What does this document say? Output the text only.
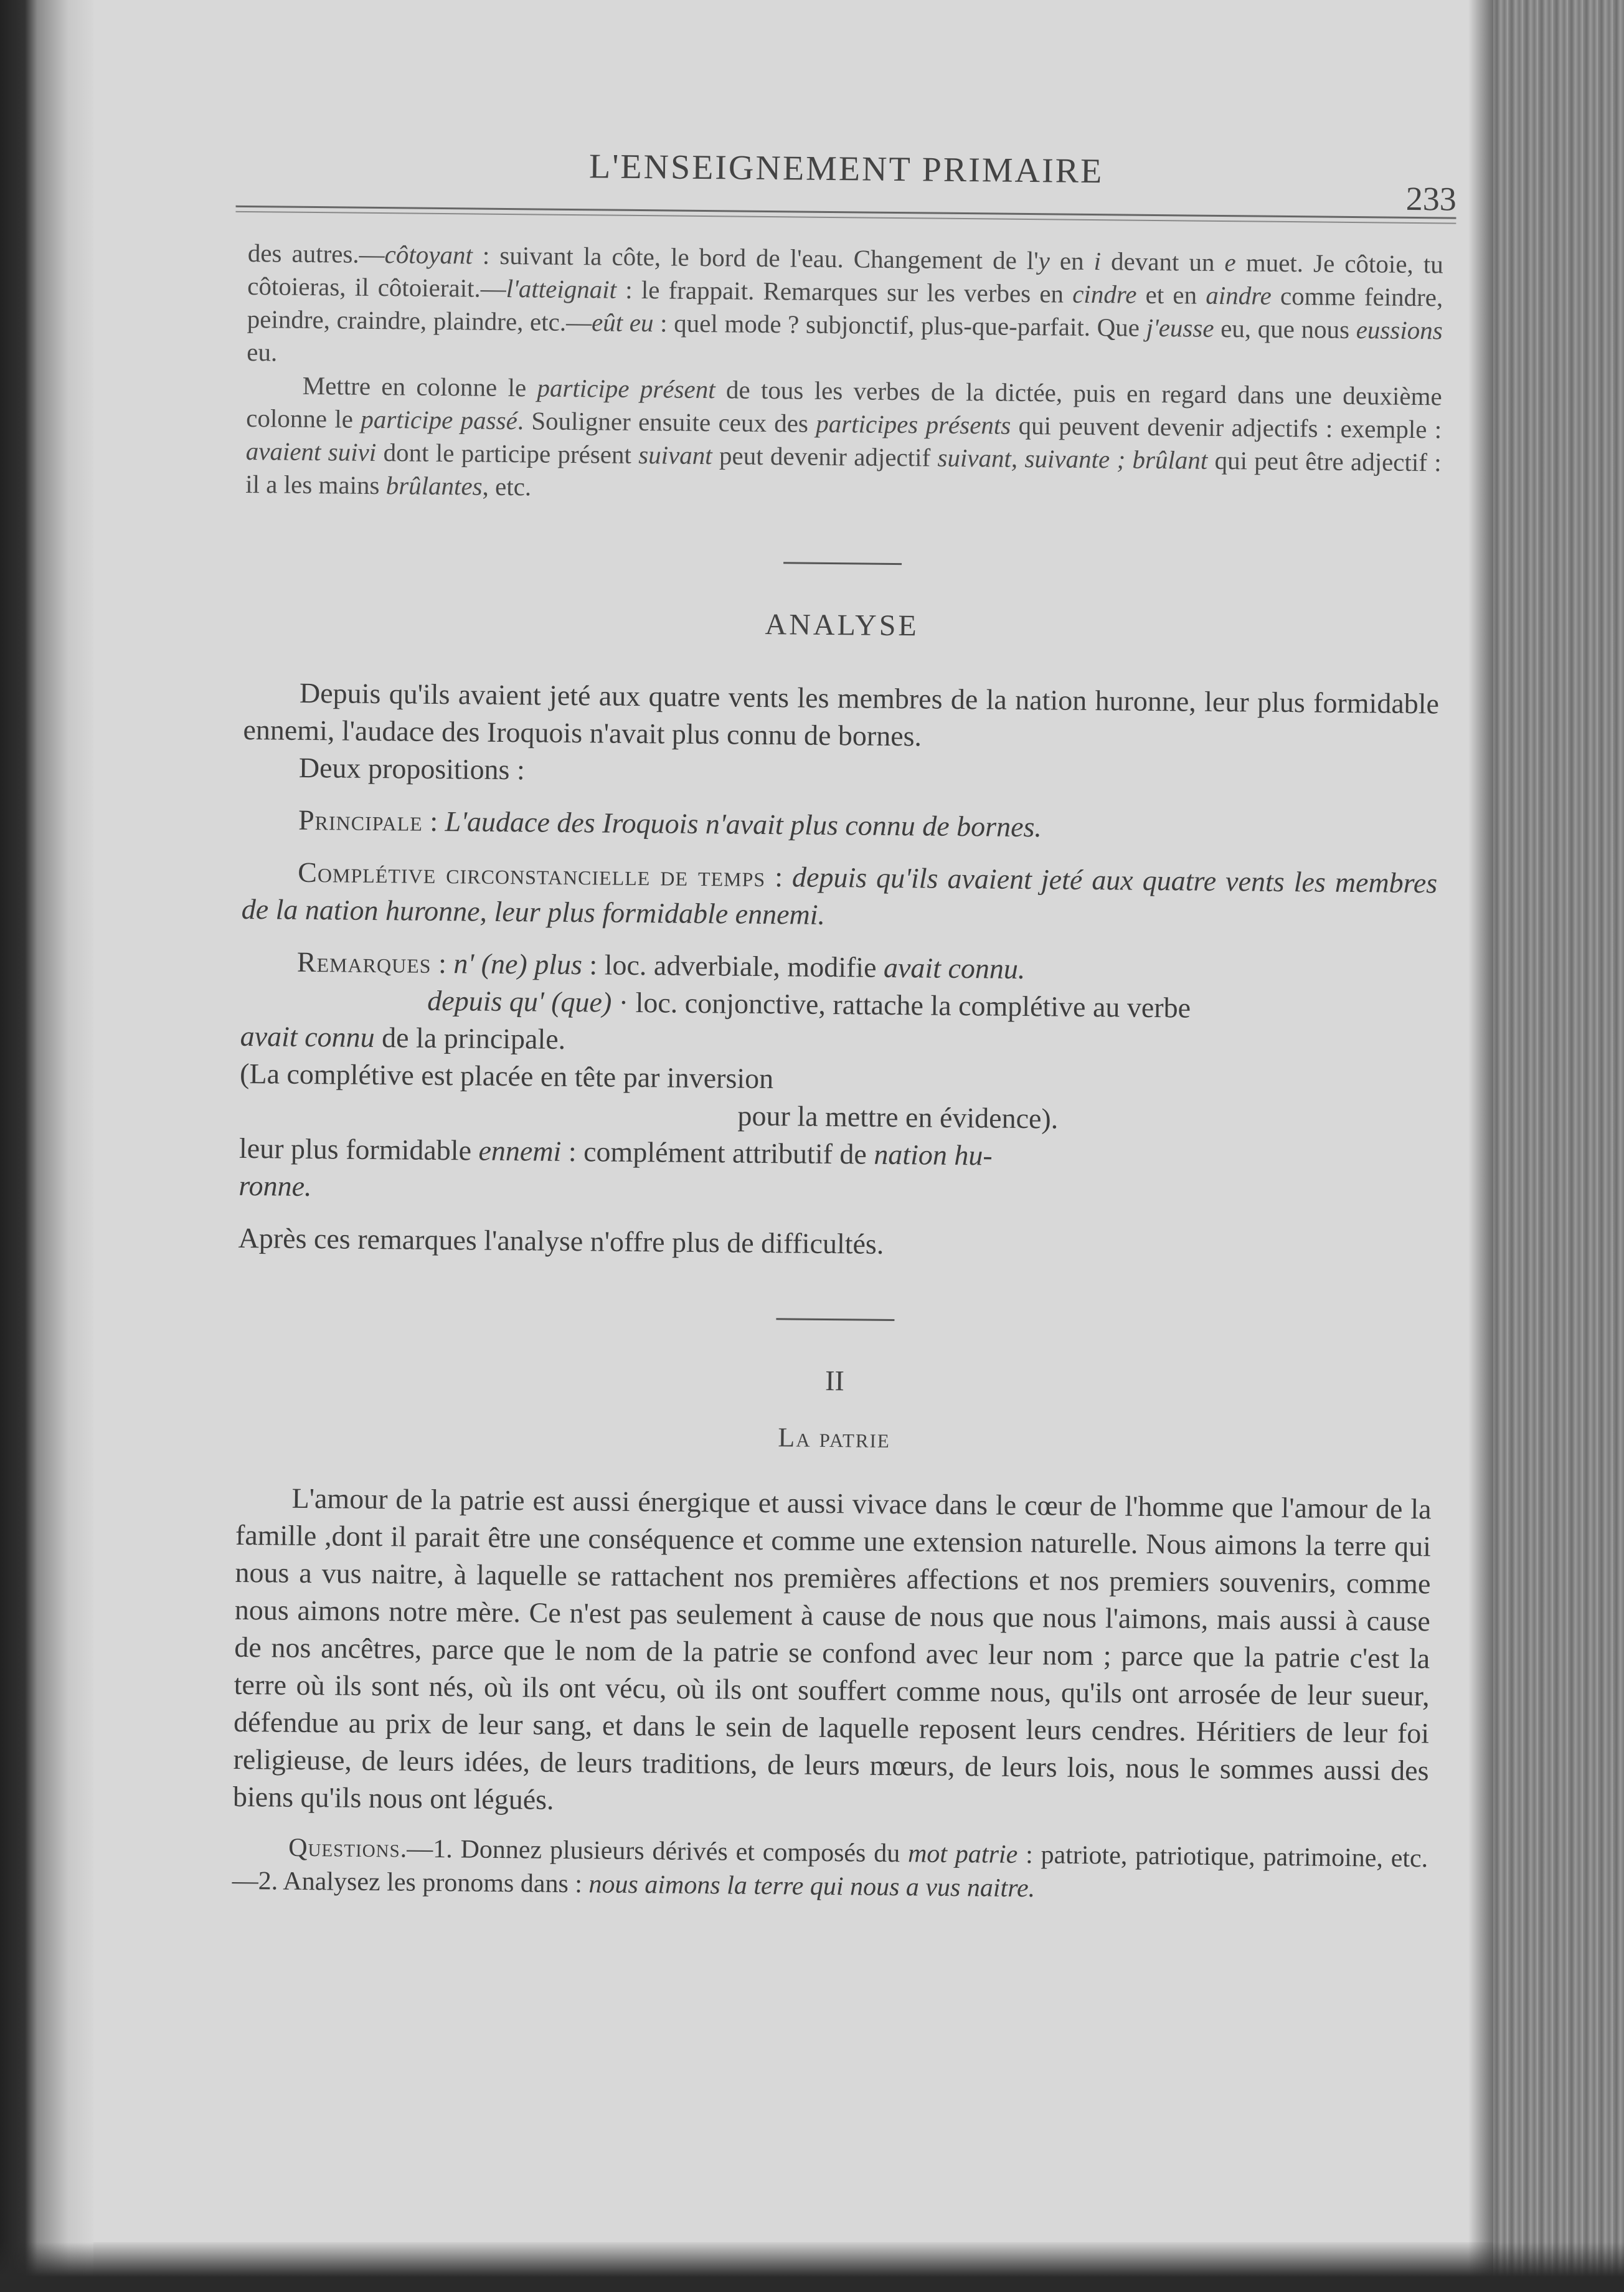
L'ENSEIGNEMENT PRIMAIRE
233

des autres.—côtoyant : suivant la côte, le bord de l'eau. Changement de l'y en i devant un e muet. Je côtoie, tu côtoieras, il côtoierait.—l'atteignait : le frappait. Remarques sur les verbes en cindre et en aindre comme feindre, peindre, craindre, plaindre, etc.—eût eu : quel mode ? subjonctif, plus-que-parfait. Que j'eusse eu, que nous eussions eu.

Mettre en colonne le participe présent de tous les verbes de la dictée, puis en regard dans une deuxième colonne le participe passé. Souligner ensuite ceux des participes présents qui peuvent devenir adjectifs : exemple : avaient suivi dont le participe présent suivant peut devenir adjectif suivant, suivante ; brûlant qui peut être adjectif : il a les mains brûlantes, etc.

ANALYSE

Depuis qu'ils avaient jeté aux quatre vents les membres de la nation huronne, leur plus formidable ennemi, l'audace des Iroquois n'avait plus connu de bornes.

Deux propositions :

Principale : L'audace des Iroquois n'avait plus connu de bornes.

Complétive circonstancielle de temps : depuis qu'ils avaient jeté aux quatre vents les membres de la nation huronne, leur plus formidable ennemi.

Remarques : n' (ne) plus : loc. adverbiale, modifie avait connu.

depuis qu' (que) · loc. conjonctive, rattache la complétive au verbe

avait connu de la principale.

(La complétive est placée en tête par inversion

pour la mettre en évidence).

leur plus formidable ennemi : complément attributif de nation hu-

ronne.

Après ces remarques l'analyse n'offre plus de difficultés.

II
La patrie

L'amour de la patrie est aussi énergique et aussi vivace dans le cœur de l'homme que l'amour de la famille ,dont il parait être une conséquence et comme une extension naturelle. Nous aimons la terre qui nous a vus naitre, à laquelle se rattachent nos premières affections et nos premiers souvenirs, comme nous aimons notre mère. Ce n'est pas seulement à cause de nous que nous l'aimons, mais aussi à cause de nos ancêtres, parce que le nom de la patrie se confond avec leur nom ; parce que la patrie c'est la terre où ils sont nés, où ils ont vécu, où ils ont souffert comme nous, qu'ils ont arrosée de leur sueur, défendue au prix de leur sang, et dans le sein de laquelle reposent leurs cendres. Héritiers de leur foi religieuse, de leurs idées, de leurs traditions, de leurs mœurs, de leurs lois, nous le sommes aussi des biens qu'ils nous ont légués.

Questions.—1. Donnez plusieurs dérivés et composés du mot patrie : patriote, patriotique, patrimoine, etc.—2. Analysez les pronoms dans : nous aimons la terre qui nous a vus naitre.
